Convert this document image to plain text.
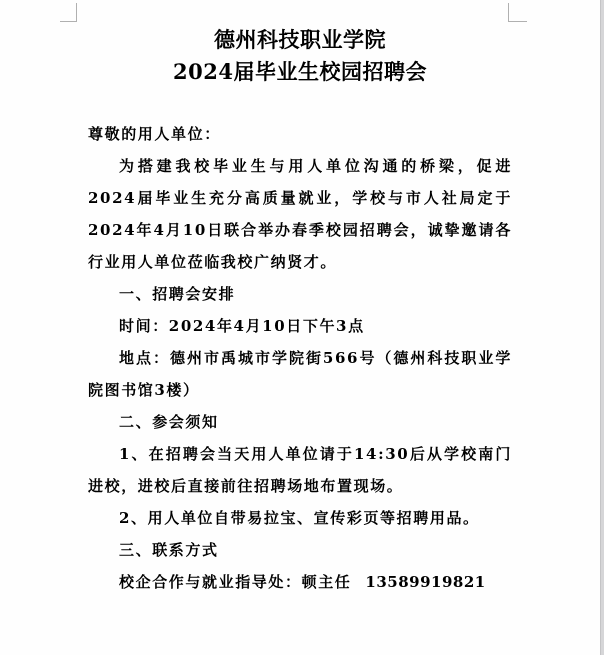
德州科技职业学院
2024届毕业生校园招聘会

尊敬的用人单位：

为搭建我校毕业生与用人单位沟通的桥梁，促进2024届毕业生充分高质量就业，学校与市人社局定于2024年4月10日联合举办春季校园招聘会，诚挚邀请各行业用人单位莅临我校广纳贤才。

一、招聘会安排

时间：2024年4月10日下午3点

地点：德州市禹城市学院街566号（德州科技职业学院图书馆3楼）

二、参会须知

1、在招聘会当天用人单位请于14:30后从学校南门进校，进校后直接前往招聘场地布置现场。

2、用人单位自带易拉宝、宣传彩页等招聘用品。

三、联系方式

校企合作与就业指导处：顿主任 13589919821
